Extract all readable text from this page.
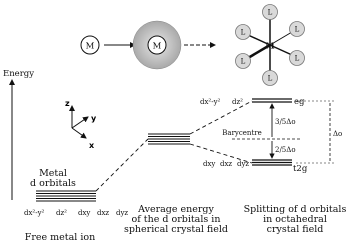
M	M	M
L
L
L	L
L	L
Energy
z
y
x
Metal
d orbitals
dx²-y² dz² dxy dxz dyz
Free metal ion
Average energy
of the d orbitals in
spherical crystal field
Barycentre
dx²-y² dz²	eg
dxy dxz dyz	t2g
3/5Δo
2/5Δo
Δo
Splitting of d orbitals
in octahedral
crystal field
